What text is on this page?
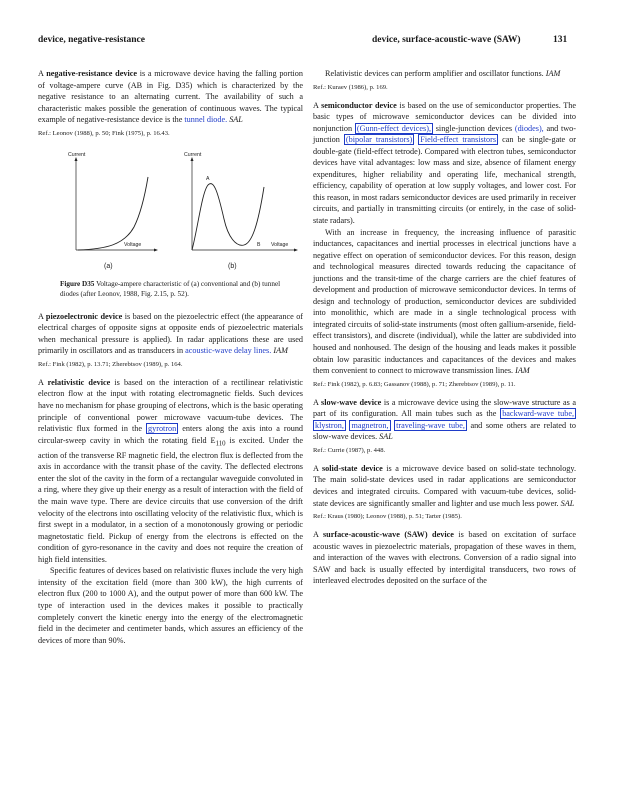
device, negative-resistance	device, surface-acoustic-wave (SAW)	131

A negative-resistance device is a microwave device having the falling portion of voltage-ampere curve (AB in Fig. D35) which is characterized by the negative resistance to an alternating current. The availability of such a characteristic makes possible the generation of continuous waves. The typical example of negative-resistance device is the tunnel diode. SAL

Ref.: Leonov (1988), p. 50; Fink (1975), p. 16.43.

Current
Voltage
(a)
Current
Voltage
A
B
(b)

Figure D35 Voltage-ampere characteristic of (a) conventional and (b) tunnel diodes (after Leonov, 1988, Fig. 2.15, p. 52).

A piezoelectronic device is based on the piezoelectric effect (the appearance of electrical charges of opposite signs at opposite ends of piezoelectric materials when mechanical pressure is applied). In radar applications these are used primarily in oscillators and as transducers in acoustic-wave delay lines. IAM

Ref.: Fink (1982), p. 13.71; Zherebtsov (1989), p. 164.

A relativistic device is based on the interaction of a rectilinear relativistic electron flow at the input with rotating electromagnetic fields. Such devices have no mechanism for phase grouping of electrons, which is the basic operating principle of conventional power microwave vacuum-tube devices. The relativistic flux formed in the gyrotron enters along the axis into a round circular-sweep cavity in which the rotating field $E_{110}$ is excited. Under the action of the transverse RF magnetic field, the electron flux is deflected from the axis in accordance with the transit phase of the cavity. The deflected electrons enter the slot of the cavity in the form of a rectangular waveguide convoluted in a ring, where they give up their energy as a result of interaction with the field of the main wave type. There are device circuits that use conversion of the drift velocity of the electrons into oscillating velocity of the relativistic flux, which is first swept in a modulator, in a section of a monotonously growing or periodic magnetostatic field. Pickup of energy from the electrons is effected on the condition of gyro-resonance in the cavity and does not require the creation of high field intensities.

Specific features of devices based on relativistic fluxes include the very high intensity of the excitation field (more than 300 kW), the high currents of electron flux (200 to 1000 A), and the output power of more than 600 kW. The type of interaction used in the devices makes it possible to practically completely convert the kinetic energy into the energy of the electromagnetic field in the decimeter and centimeter bands, which assures an efficiency of the devices of more than 90%.

Relativistic devices can perform amplifier and oscillator functions. IAM

Ref.: Kuraev (1986), p. 169.

A semiconductor device is based on the use of semiconductor properties. The basic types of microwave semiconductor devices can be divided into nonjunction (Gunn-effect devices), single-junction devices (diodes), and two-junction (bipolar transistors) Field-effect transistors can be single-gate or double-gate (field-effect tetrode). Compared with electron tubes, semiconductor devices have vital advantages: low mass and size, absence of filament energy expenditures, higher reliability and operating life, mechanical strength, efficiency, capability of operation at low supply voltages, and lower cost. For this reason, in most radars semiconductor devices are used primarily in receiver circuits, and partially in transmitting circuits (or entirely, in the case of solid-state radars).

With an increase in frequency, the increasing influence of parasitic inductances, capacitances and inertial processes in electrical junctions have a negative effect on operation of semiconductor devices. For this reason, design and technological measures directed towards reducing the capacitance of junctions and the transit-time of the charge carriers are the chief features of development and production of microwave semiconductor devices. In terms of design and technology of production, semiconductor devices are subdivided into monolithic, which are made in a single technological process with integrated circuits of solid-state instruments (most often gallium-arsenide, field-effect transistors), and discrete (individual), while the latter are subdivided into housed and nonhoused. The design of the housing and leads makes it possible obtain low parasitic inductances and capacitances of the devices and makes them convenient to connect to microwave transmission lines. IAM

Ref.: Fink (1982), p. 6.83; Gassanov (1988), p. 71; Zherebtsov (1989), p. 11.

A slow-wave device is a microwave device using the slow-wave structure as a part of its configuration. All main tubes such as the backward-wave tube, klystron, magnetron, traveling-wave tube, and some others are related to slow-wave devices. SAL

Ref.: Currie (1987), p. 448.

A solid-state device is a microwave device based on solid-state technology. The main solid-state devices used in radar applications are semiconductor devices and integrated circuits. Compared with vacuum-tube devices, solid-state devices are significantly smaller and lighter and use much less power. SAL

Ref.: Kraus (1980); Leonov (1988), p. 51; Tarter (1985).

A surface-acoustic-wave (SAW) device is based on excitation of surface acoustic waves in piezoelectric materials, propagation of these waves in them, and interaction of the waves with electrons. Conversion of a radio signal into SAW and back is usually effected by interdigital transducers, two rows of interleaved electrodes deposited on the surface of the
